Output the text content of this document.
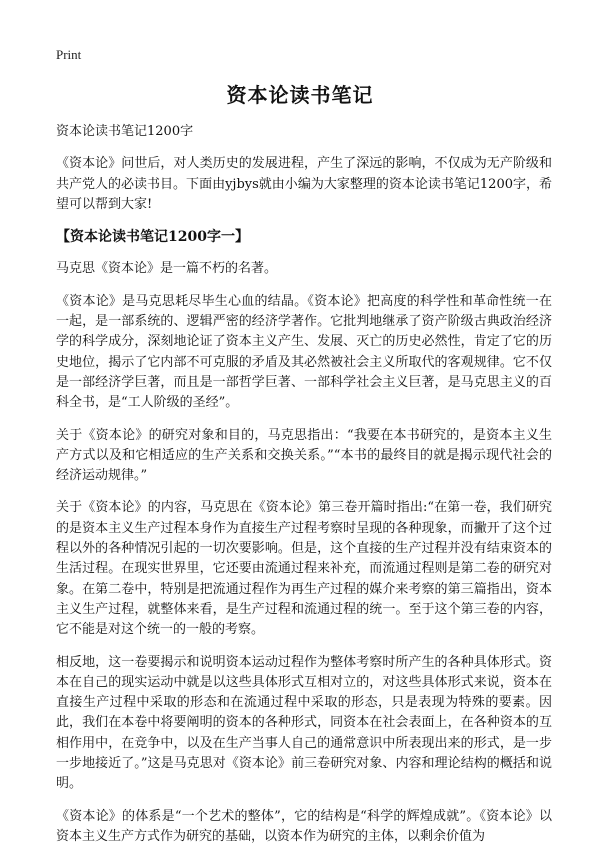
Print
资本论读书笔记

资本论读书笔记1200字

《资本论》问世后，对人类历史的发展进程，产生了深远的影响，不仅成为无产阶级和共产党人的必读书目。下面由yjbys就由小编为大家整理的资本论读书笔记1200字，希望可以帮到大家!

【资本论读书笔记1200字一】

马克思《资本论》是一篇不朽的名著。

《资本论》是马克思耗尽毕生心血的结晶。《资本论》把高度的科学性和革命性统一在一起，是一部系统的、逻辑严密的经济学著作。它批判地继承了资产阶级古典政治经济学的科学成分，深刻地论证了资本主义产生、发展、灭亡的历史必然性，肯定了它的历史地位，揭示了它内部不可克服的矛盾及其必然被社会主义所取代的客观规律。它不仅是一部经济学巨著，而且是一部哲学巨著、一部科学社会主义巨著，是马克思主义的百科全书，是“工人阶级的圣经”。

关于《资本论》的研究对象和目的，马克思指出：“我要在本书研究的，是资本主义生产方式以及和它相适应的生产关系和交换关系。”“本书的最终目的就是揭示现代社会的经济运动规律。”

关于《资本论》的内容，马克思在《资本论》第三卷开篇时指出:“在第一卷，我们研究的是资本主义生产过程本身作为直接生产过程考察时呈现的各种现象，而撇开了这个过程以外的各种情况引起的一切次要影响。但是，这个直接的生产过程并没有结束资本的生活过程。在现实世界里，它还要由流通过程来补充，而流通过程则是第二卷的研究对象。在第二卷中，特别是把流通过程作为再生产过程的媒介来考察的第三篇指出，资本主义生产过程，就整体来看，是生产过程和流通过程的统一。至于这个第三卷的内容，它不能是对这个统一的一般的考察。

相反地，这一卷要揭示和说明资本运动过程作为整体考察时所产生的各种具体形式。资本在自己的现实运动中就是以这些具体形式互相对立的，对这些具体形式来说，资本在直接生产过程中采取的形态和在流通过程中采取的形态，只是表现为特殊的要素。因此，我们在本卷中将要阐明的资本的各种形式，同资本在社会表面上，在各种资本的互相作用中，在竞争中，以及在生产当事人自己的通常意识中所表现出来的形式，是一步一步地接近了。”这是马克思对《资本论》前三卷研究对象、内容和理论结构的概括和说明。

《资本论》的体系是“一个艺术的整体”，它的结构是“科学的辉煌成就”。《资本论》以资本主义生产方式作为研究的基础，以资本作为研究的主体，以剩余价值为
